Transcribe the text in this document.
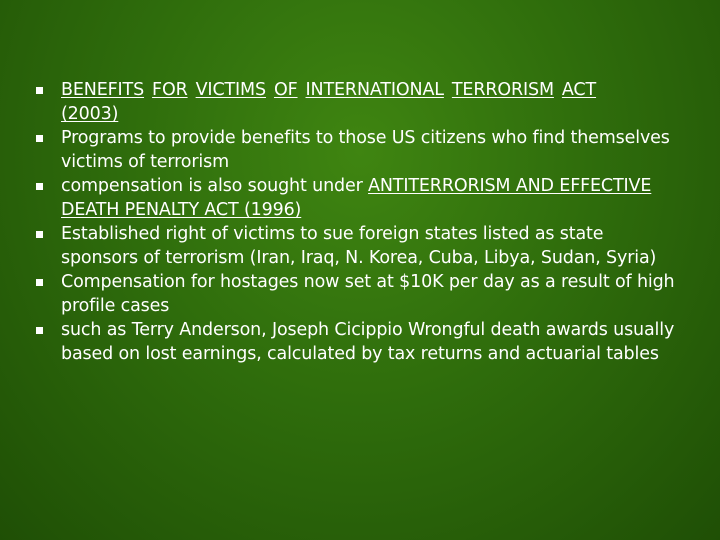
BENEFITS FOR VICTIMS OF INTERNATIONAL TERRORISM ACT
(2003)
Programs to provide benefits to those US citizens who find themselves victims of terrorism
compensation is also sought under ANTITERRORISM AND EFFECTIVE DEATH PENALTY ACT (1996)
Established right of victims to sue foreign states listed as state sponsors of terrorism (Iran, Iraq, N. Korea, Cuba, Libya, Sudan, Syria)
Compensation for hostages now set at $10K per day as a result of high profile cases
such as Terry Anderson, Joseph Cicippio Wrongful death awards usually based on lost earnings, calculated by tax returns and actuarial tables
